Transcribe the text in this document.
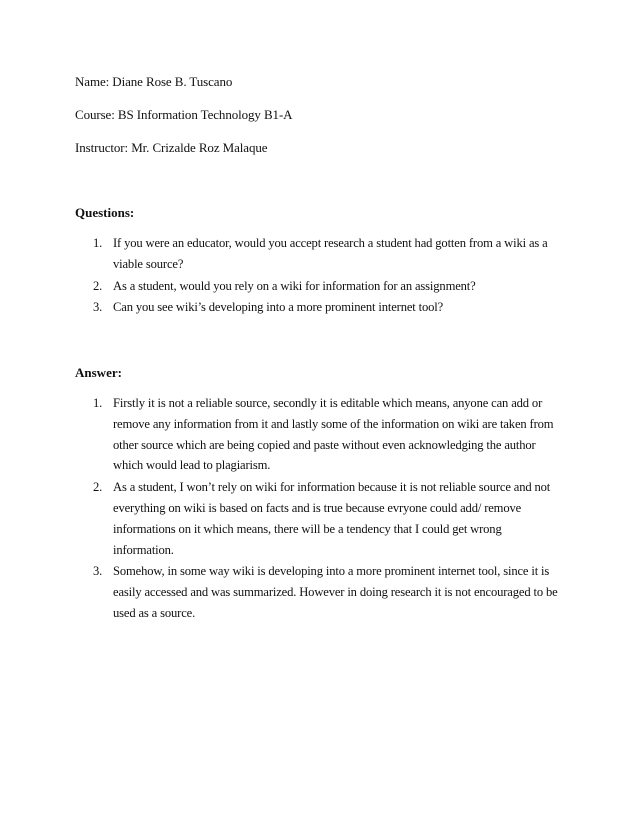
Name: Diane Rose B. Tuscano
Course: BS Information Technology B1-A
Instructor: Mr. Crizalde Roz Malaque
Questions:
1. If you were an educator, would you accept research a student had gotten from a wiki as a viable source?
2. As a student, would you rely on a wiki for information for an assignment?
3. Can you see wiki’s developing into a more prominent internet tool?
Answer:
1. Firstly it is not a reliable source, secondly it is editable which means, anyone can add or remove any information from it and lastly some of the information on wiki are taken from other source which are being copied and paste without even acknowledging the author which would lead to plagiarism.
2. As a student, I won’t rely on wiki for information because it is not reliable source and not everything on wiki is based on facts and is true because evryone could add/ remove informations on it which means, there will be a tendency that I could get wrong information.
3. Somehow, in some way wiki is developing into a more prominent internet tool, since it is easily accessed and was summarized. However in doing research it is not encouraged to be used as a source.
